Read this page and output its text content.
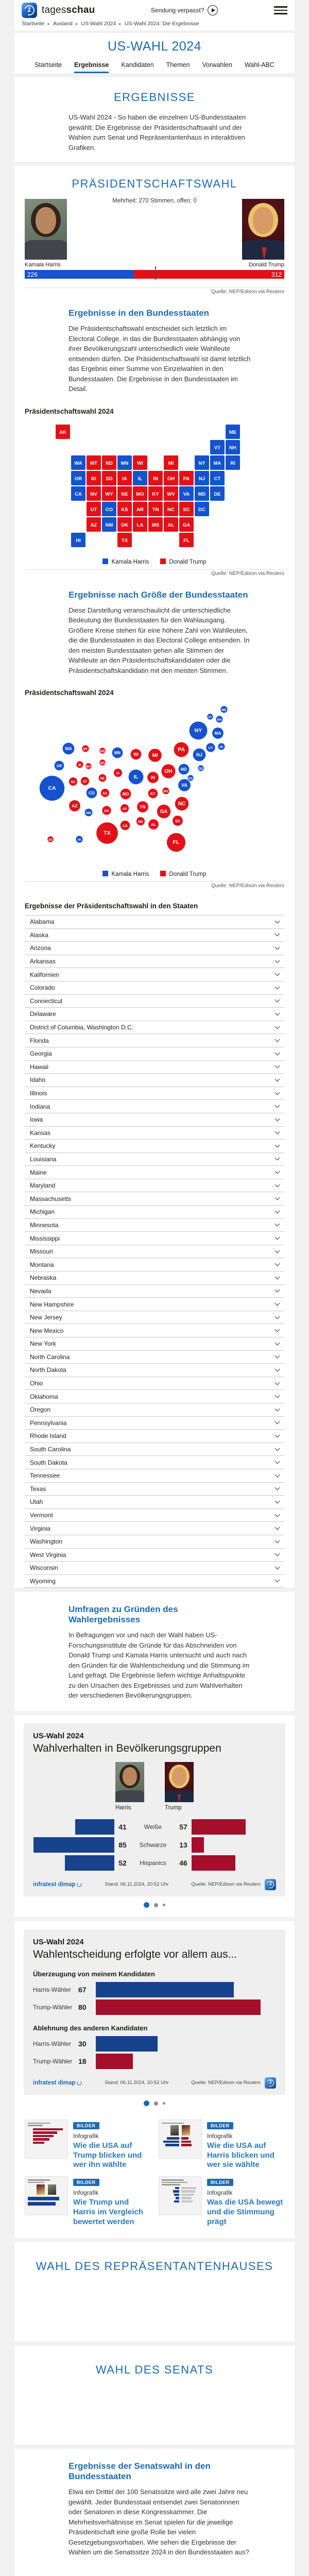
1
tagesschau	Sendung verpasst?
Startseite ▸ Ausland ▸ US-Wahl 2024 ▸ US-Wahl 2024: Die Ergebnisse
US-WAHL 2024
Startseite Ergebnisse Kandidaten Themen Vorwahlen Wahl-ABC
ERGEBNISSE

US-Wahl 2024 - So haben die einzelnen US-Bundesstaaten gewählt: Die Ergebnisse der Präsidentschaftswahl und der Wahlen zum Senat und Repräsentantenhaus in interaktiven Grafiken.

PRÄSIDENTSCHAFTSWAHL
Mehrheit: 270 Stimmen, offen: 0
Kamala Harris	Donald Trump
226	312
Quelle: NEP/Edison via Reuters
Ergebnisse in den Bundesstaaten

Die Präsidentschaftswahl entscheidet sich letztlich im Electoral College, in das die Bundesstaaten abhängig von ihrer Bevölkerungszahl unterschiedlich viele Wahlleute entsenden dürfen. Die Präsidentschaftswahl ist damit letztlich das Ergebnis einer Summe von Einzelwahlen in den Bundesstaaten. Die Ergebnisse in den Bundesstaaten im Detail.

Präsidentschaftswahl 2024
AK	ME
VT NH
WA MT ND MN WI	MI	NY MA RI
OR ID SD IA IL IN OH PA NJ CT
CA NV WY NE MO KY WV VA MD DE
UT CO KS AR TN NC SC DC
AZ NM OK LA MS AL GA
HI	TX	FL
Kamala Harris	Donald Trump
Quelle: NEP/Edison via Reuters
Ergebnisse nach Größe der Bundesstaaten

Diese Darstellung veranschaulicht die unterschiedliche Bedeutung der Bundesstaaten für den Wahlausgang. Größere Kreise stehen für eine höhere Zahl von Wahlleuten, die die Bundesstaaten in das Electoral College entsenden. In den meisten Bundesstaaten gehen alle Stimmen der Wahlleute an den Präsidentschaftskandidaten oder die Präsidentschaftskandidatin mit den meisten Stimmen.

Präsidentschaftswahl 2024
AK
ME
VT
NH
WA	MT
ND MN	WI	MI
NY	MA
RI
OR	ID
SD
IA
IL	IN
OH
PA
NJ
CT
CA
NV
WY
NE
MO	KY
WV
VA
MD	DE
UT
CO	KS
AR	TN
NC
SC
DC
AZ
NM
OK
LA
MS
AL
GA
HI
TX
FL
Kamala Harris	Donald Trump
Quelle: NEP/Edison via Reuters
Ergebnisse der Präsidentschaftswahl in den Staaten
Alabama
Alaska
Arizona
Arkansas
Kalifornien
Colorado
Connecticut
Delaware
District of Columbia, Washington D.C.
Florida
Georgia
Hawaii
Idaho
Illinois
Indiana
Iowa
Kansas
Kentucky
Louisiana
Maine
Maryland
Massachusetts
Michigan
Minnesota
Mississippi
Missouri
Montana
Nebraska
Nevada
New Hampshire
New Jersey
New Mexico
New York
North Carolina
North Dakota
Ohio
Oklahoma
Oregon
Pennsylvania
Rhode Island
South Carolina
South Dakota
Tennessee
Texas
Utah
Vermont
Virginia
Washington
West Virginia
Wisconsin
Wyoming
Umfragen zu Gründen des Wahlergebnisses

In Befragungen vor und nach der Wahl haben US-Forschungsinstitute die Gründe für das Abschneiden von Donald Trump und Kamala Harris untersucht und auch nach den Gründen für die Wahlentscheidung und die Stimmung im Land gefragt. Die Ergebnisse liefern wichtige Anhaltspunkte zu den Ursachen des Ergebnisses und zum Wahlverhalten der verschiedenen Bevölkerungsgruppen.

US-Wahl 2024
Wahlverhalten in Bevölkerungsgruppen
Harris	Trump
41	Weiße	57
85	Schwarze	13
52	Hispanics	46
infratest dimap	Stand: 06.11.2024, 20:52 Uhr	Quelle: NEP/Edison via Reuters
1
US-Wahl 2024
Wahlentscheidung erfolgte vor allem aus...
Überzeugung von meinem Kandidaten
Harris-Wähler 67
Trump-Wähler 80
Ablehnung des anderen Kandidaten
Harris-Wähler 30
Trump-Wähler 18
infratest dimap	Stand: 06.11.2024, 20:52 Uhr	Quelle: NEP/Edison via Reuters
1
BILDER
Infografik
Wie die USA auf Trump blicken und wer ihn wählte
BILDER
Infografik
Wie die USA auf Harris blicken und wer sie wählte
BILDER
Infografik
Wie Trump und Harris im Vergleich bewertet werden
BILDER
Infografik
Was die USA bewegt und die Stimmung prägt
WAHL DES REPRÄSENTANTENHAUSES
WAHL DES SENATS
Ergebnisse der Senatswahl in den Bundesstaaten

Etwa ein Drittel der 100 Senatssitze wird alle zwei Jahre neu gewählt. Jeder Bundesstaat entsendet zwei Senatorinnen oder Senatoren in diese Kongresskammer. Die Mehrheitsverhältnisse im Senat spielen für die jeweilige Präsidentschaft eine große Rolle bei vielen Gesetzgebungsvorhaben. Wie sehen die Ergebnisse der Wahlen um die Senatssitze 2024 in den Bundesstaaten aus?
